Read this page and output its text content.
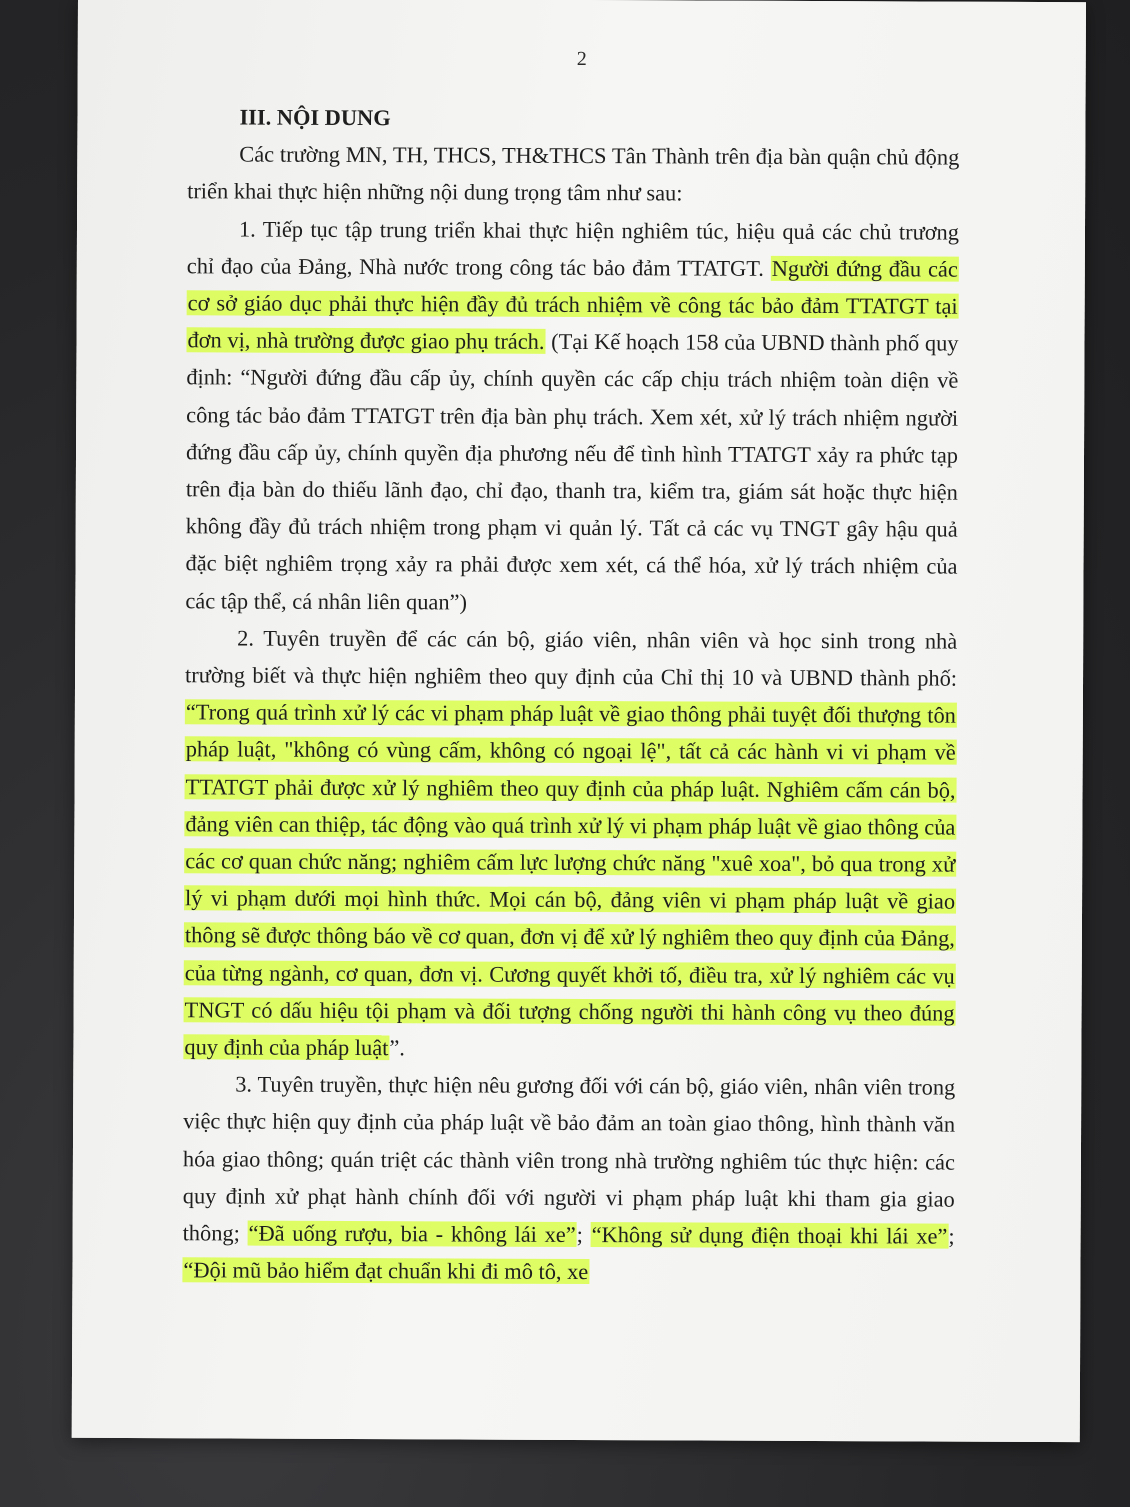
2

III. NỘI DUNG

Các trường MN, TH, THCS, TH&THCS Tân Thành trên địa bàn quận chủ động triển khai thực hiện những nội dung trọng tâm như sau:

1. Tiếp tục tập trung triển khai thực hiện nghiêm túc, hiệu quả các chủ trương chỉ đạo của Đảng, Nhà nước trong công tác bảo đảm TTATGT. Người đứng đầu các cơ sở giáo dục phải thực hiện đầy đủ trách nhiệm về công tác bảo đảm TTATGT tại đơn vị, nhà trường được giao phụ trách. (Tại Kế hoạch 158 của UBND thành phố quy định: “Người đứng đầu cấp ủy, chính quyền các cấp chịu trách nhiệm toàn diện về công tác bảo đảm TTATGT trên địa bàn phụ trách. Xem xét, xử lý trách nhiệm người đứng đầu cấp ủy, chính quyền địa phương nếu để tình hình TTATGT xảy ra phức tạp trên địa bàn do thiếu lãnh đạo, chỉ đạo, thanh tra, kiểm tra, giám sát hoặc thực hiện không đầy đủ trách nhiệm trong phạm vi quản lý. Tất cả các vụ TNGT gây hậu quả đặc biệt nghiêm trọng xảy ra phải được xem xét, cá thể hóa, xử lý trách nhiệm của các tập thể, cá nhân liên quan”)

2. Tuyên truyền để các cán bộ, giáo viên, nhân viên và học sinh trong nhà trường biết và thực hiện nghiêm theo quy định của Chỉ thị 10 và UBND thành phố: “Trong quá trình xử lý các vi phạm pháp luật về giao thông phải tuyệt đối thượng tôn pháp luật, "không có vùng cấm, không có ngoại lệ", tất cả các hành vi vi phạm về TTATGT phải được xử lý nghiêm theo quy định của pháp luật. Nghiêm cấm cán bộ, đảng viên can thiệp, tác động vào quá trình xử lý vi phạm pháp luật về giao thông của các cơ quan chức năng; nghiêm cấm lực lượng chức năng "xuê xoa", bỏ qua trong xử lý vi phạm dưới mọi hình thức. Mọi cán bộ, đảng viên vi phạm pháp luật về giao thông sẽ được thông báo về cơ quan, đơn vị để xử lý nghiêm theo quy định của Đảng, của từng ngành, cơ quan, đơn vị. Cương quyết khởi tố, điều tra, xử lý nghiêm các vụ TNGT có dấu hiệu tội phạm và đối tượng chống người thi hành công vụ theo đúng quy định của pháp luật”.

3. Tuyên truyền, thực hiện nêu gương đối với cán bộ, giáo viên, nhân viên trong việc thực hiện quy định của pháp luật về bảo đảm an toàn giao thông, hình thành văn hóa giao thông; quán triệt các thành viên trong nhà trường nghiêm túc thực hiện: các quy định xử phạt hành chính đối với người vi phạm pháp luật khi tham gia giao thông; “Đã uống rượu, bia - không lái xe”; “Không sử dụng điện thoại khi lái xe”; “Đội mũ bảo hiểm đạt chuẩn khi đi mô tô, xe
